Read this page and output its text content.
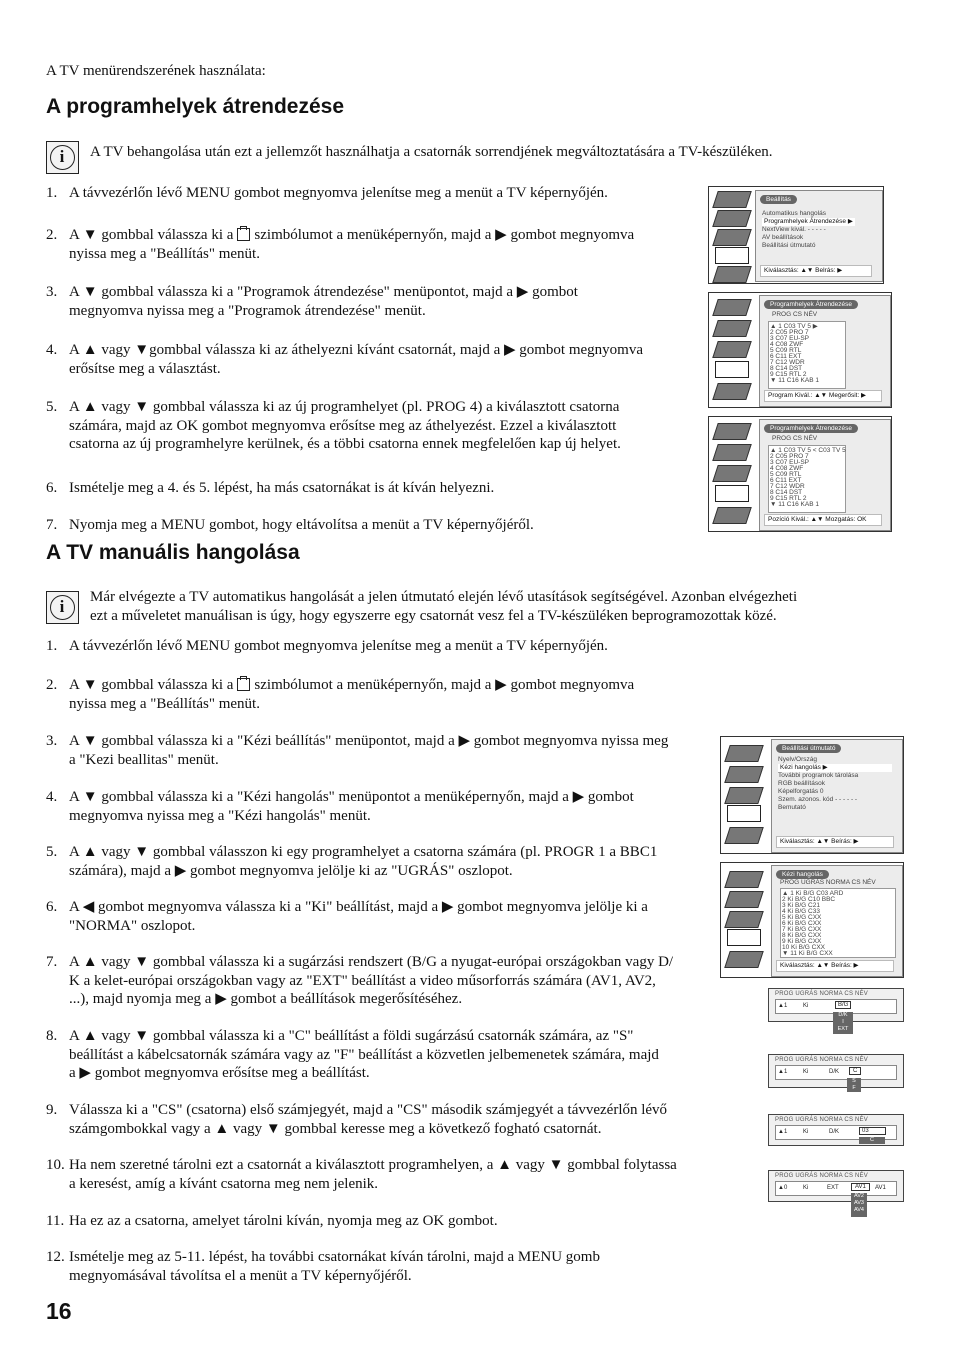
A TV menürendszerének használata:
A programhelyek átrendezése
i	A TV behangolása után ezt a jellemzőt használhatja a csatornák sorrendjének megváltoztatására a TV-készüléken.
1. A távvezérlőn lévő MENU gombot megnyomva jelenítse meg a menüt a TV képernyőjén.
2. A ▼ gombbal válassza ki a szimbólumot a menüképernyőn, majd a ▶ gombot megnyomva
nyissa meg a "Beállítás" menüt.
3. A ▼ gombbal válassza ki a "Programok átrendezése" menüpontot, majd a ▶ gombot
megnyomva nyissa meg a "Programok átrendezése" menüt.
4. A ▲ vagy ▼gombbal válassza ki az áthelyezni kívánt csatornát, majd a ▶ gombot megnyomva
erősítse meg a választást.
5. A ▲ vagy ▼ gombbal válassza ki az új programhelyet (pl. PROG 4) a kiválasztott csatorna
számára, majd az OK gombot megnyomva erősítse meg az áthelyezést. Ezzel a kiválasztott
csatorna az új programhelyre kerülnek, és a többi csatorna ennek megfelelően kap új helyet.
6. Ismételje meg a 4. és 5. lépést, ha más csatornákat is át kíván helyezni.
7. Nyomja meg a MENU gombot, hogy eltávolítsa a menüt a TV képernyőjéről.
A TV manuális hangolása
i	Már elvégezte a TV automatikus hangolását a jelen útmutató elején lévő utasítások segítségével. Azonban elvégezheti
ezt a műveletet manuálisan is úgy, hogy egyszerre egy csatornát vesz fel a TV-készüléken beprogramozottak közé.
1. A távvezérlőn lévő MENU gombot megnyomva jelenítse meg a menüt a TV képernyőjén.
2. A ▼ gombbal válassza ki a szimbólumot a menüképernyőn, majd a ▶ gombot megnyomva
nyissa meg a "Beállítás" menüt.
3. A ▼ gombbal válassza ki a "Kézi beállítás" menüpontot, majd a ▶ gombot megnyomva nyissa meg
a "Kezi beallitas" menüt.
4. A ▼ gombbal válassza ki a "Kézi hangolás" menüpontot a menüképernyőn, majd a ▶ gombot
megnyomva nyissa meg a "Kézi hangolás" menüt.
5. A ▲ vagy ▼ gombbal válasszon ki egy programhelyet a csatorna számára (pl. PROGR 1 a BBC1
számára), majd a ▶ gombot megnyomva jelölje ki az "UGRÁS" oszlopot.
6. A ◀ gombot megnyomva válassza ki a "Ki" beállítást, majd a ▶ gombot megnyomva jelölje ki a
"NORMA" oszlopot.
7. A ▲ vagy ▼ gombbal válassza ki a sugárzási rendszert (B/G a nyugat-európai országokban vagy D/
K a kelet-európai országokban vagy az "EXT" beállítást a video műsorforrás számára (AV1, AV2,
...), majd nyomja meg a ▶ gombot a beállítások megerősítéséhez.
8. A ▲ vagy ▼ gombbal válassza ki a "C" beállítást a földi sugárzású csatornák számára, az "S"
beállítást a kábelcsatornák számára vagy az "F" beállítást a közvetlen jelbemenetek számára, majd
a ▶ gombot megnyomva erősítse meg a beállítást.
9. Válassza ki a "CS" (csatorna) első számjegyét, majd a "CS" második számjegyét a távvezérlőn lévő
számgombokkal vagy a ▲ vagy ▼ gombbal keresse meg a következő fogható csatornát.
10. Ha nem szeretné tárolni ezt a csatornát a kiválasztott programhelyen, a ▲ vagy ▼ gombbal folytassa
a keresést, amíg a kívánt csatorna meg nem jelenik.
11. Ha ez az a csatorna, amelyet tárolni kíván, nyomja meg az OK gombot.
12. Ismételje meg az 5-11. lépést, ha további csatornákat kíván tárolni, majd a MENU gomb
megnyomásával távolítsa el a menüt a TV képernyőjéről.
Beállítás
Automatikus hangolás
Programhelyek Átrendezése ▶
NextView kivál. - - - - -
AV beállítások
Beállítási útmutató
Kiválasztás: ▲▼ Belrás: ▶
Programhelyek Átrendezése
PROG CS NÉV
▲ 1 C03 TV 5 ▶
2 C05 PRO 7
3 C07 EU-SP
4 C08 ZWF
5 C09 RTL
6 C11 EXT
7 C12 WDR
8 C14 DST
9 C15 RTL 2
▼ 11 C16 KAB 1
Program Kivál.: ▲▼ Megerősit: ▶
Programhelyek Átrendezése
PROG CS NÉV
▲ 1 C03 TV 5 < C03 TV 5
2 C05 PRO 7
3 C07 EU-SP
4 C08 ZWF
5 C09 RTL
6 C11 EXT
7 C12 WDR
8 C14 DST
9 C15 RTL 2
▼ 11 C16 KAB 1
Pozíció Kivál.: ▲▼ Mozgatás: OK
Beállítási útmutató
Nyelv/Ország
Kézi hangolás ▶
További programok tárolása
RGB beállítások
Képelforgatás 0
Szem. azonos. kód - - - - - -
Bemutató
Kiválasztás: ▲▼ Beírás: ▶
Kézi hangolás
PROG UGRÁS NORMA CS NÉV
▲ 1 Ki B/G C03 ARD
2 Ki B/G C10 BBC
3 Ki B/G C21
4 Ki B/G C33
5 Ki B/G CXX
6 Ki B/G CXX
7 Ki B/G CXX
8 Ki B/G CXX
9 Ki B/G CXX
10 Ki B/G CXX
▼ 11 Ki B/G CXX
Kiválasztás: ▲▼ Beírás: ▶
PROG UGRÁS NORMA CS NÉV
▲1	Ki	B/G
D/K
I
EXT
PROG UGRÁS NORMA CS NÉV
▲1	Ki	D/K	C
S
F
PROG UGRÁS NORMA CS NÉV
▲1	Ki	D/K	03
C
PROG UGRÁS NORMA CS NÉV
▲0	Ki	EXT	AV1	AV1
AV2
AV3
AV4
16
